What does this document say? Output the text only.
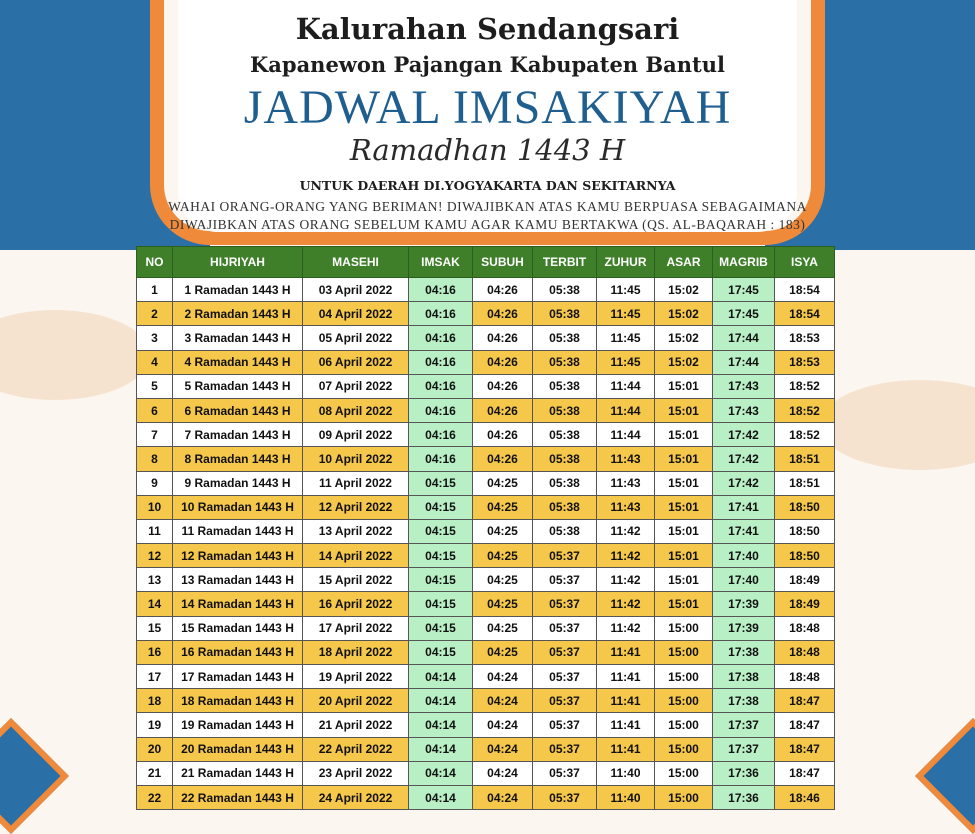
Kalurahan Sendangsari
Kapanewon Pajangan Kabupaten Bantul
JADWAL IMSAKIYAH
Ramadhan 1443 H
UNTUK DAERAH DI.YOGYAKARTA DAN SEKITARNYA
WAHAI ORANG-ORANG YANG BERIMAN! DIWAJIBKAN ATAS KAMU BERPUASA SEBAGAIMANA
DIWAJIBKAN ATAS ORANG SEBELUM KAMU AGAR KAMU BERTAKWA (QS. AL-BAQARAH : 183)
NO	HIJRIYAH	MASEHI	IMSAK	SUBUH	TERBIT	ZUHUR	ASAR	MAGRIB	ISYA
1	1 Ramadan 1443 H	03 April 2022	04:16	04:26	05:38	11:45	15:02	17:45	18:54
2	2 Ramadan 1443 H	04 April 2022	04:16	04:26	05:38	11:45	15:02	17:45	18:54
3	3 Ramadan 1443 H	05 April 2022	04:16	04:26	05:38	11:45	15:02	17:44	18:53
4	4 Ramadan 1443 H	06 April 2022	04:16	04:26	05:38	11:45	15:02	17:44	18:53
5	5 Ramadan 1443 H	07 April 2022	04:16	04:26	05:38	11:44	15:01	17:43	18:52
6	6 Ramadan 1443 H	08 April 2022	04:16	04:26	05:38	11:44	15:01	17:43	18:52
7	7 Ramadan 1443 H	09 April 2022	04:16	04:26	05:38	11:44	15:01	17:42	18:52
8	8 Ramadan 1443 H	10 April 2022	04:16	04:26	05:38	11:43	15:01	17:42	18:51
9	9 Ramadan 1443 H	11 April 2022	04:15	04:25	05:38	11:43	15:01	17:42	18:51
10	10 Ramadan 1443 H	12 April 2022	04:15	04:25	05:38	11:43	15:01	17:41	18:50
11	11 Ramadan 1443 H	13 April 2022	04:15	04:25	05:38	11:42	15:01	17:41	18:50
12	12 Ramadan 1443 H	14 April 2022	04:15	04:25	05:37	11:42	15:01	17:40	18:50
13	13 Ramadan 1443 H	15 April 2022	04:15	04:25	05:37	11:42	15:01	17:40	18:49
14	14 Ramadan 1443 H	16 April 2022	04:15	04:25	05:37	11:42	15:01	17:39	18:49
15	15 Ramadan 1443 H	17 April 2022	04:15	04:25	05:37	11:42	15:00	17:39	18:48
16	16 Ramadan 1443 H	18 April 2022	04:15	04:25	05:37	11:41	15:00	17:38	18:48
17	17 Ramadan 1443 H	19 April 2022	04:14	04:24	05:37	11:41	15:00	17:38	18:48
18	18 Ramadan 1443 H	20 April 2022	04:14	04:24	05:37	11:41	15:00	17:38	18:47
19	19 Ramadan 1443 H	21 April 2022	04:14	04:24	05:37	11:41	15:00	17:37	18:47
20	20 Ramadan 1443 H	22 April 2022	04:14	04:24	05:37	11:41	15:00	17:37	18:47
21	21 Ramadan 1443 H	23 April 2022	04:14	04:24	05:37	11:40	15:00	17:36	18:47
22	22 Ramadan 1443 H	24 April 2022	04:14	04:24	05:37	11:40	15:00	17:36	18:46
